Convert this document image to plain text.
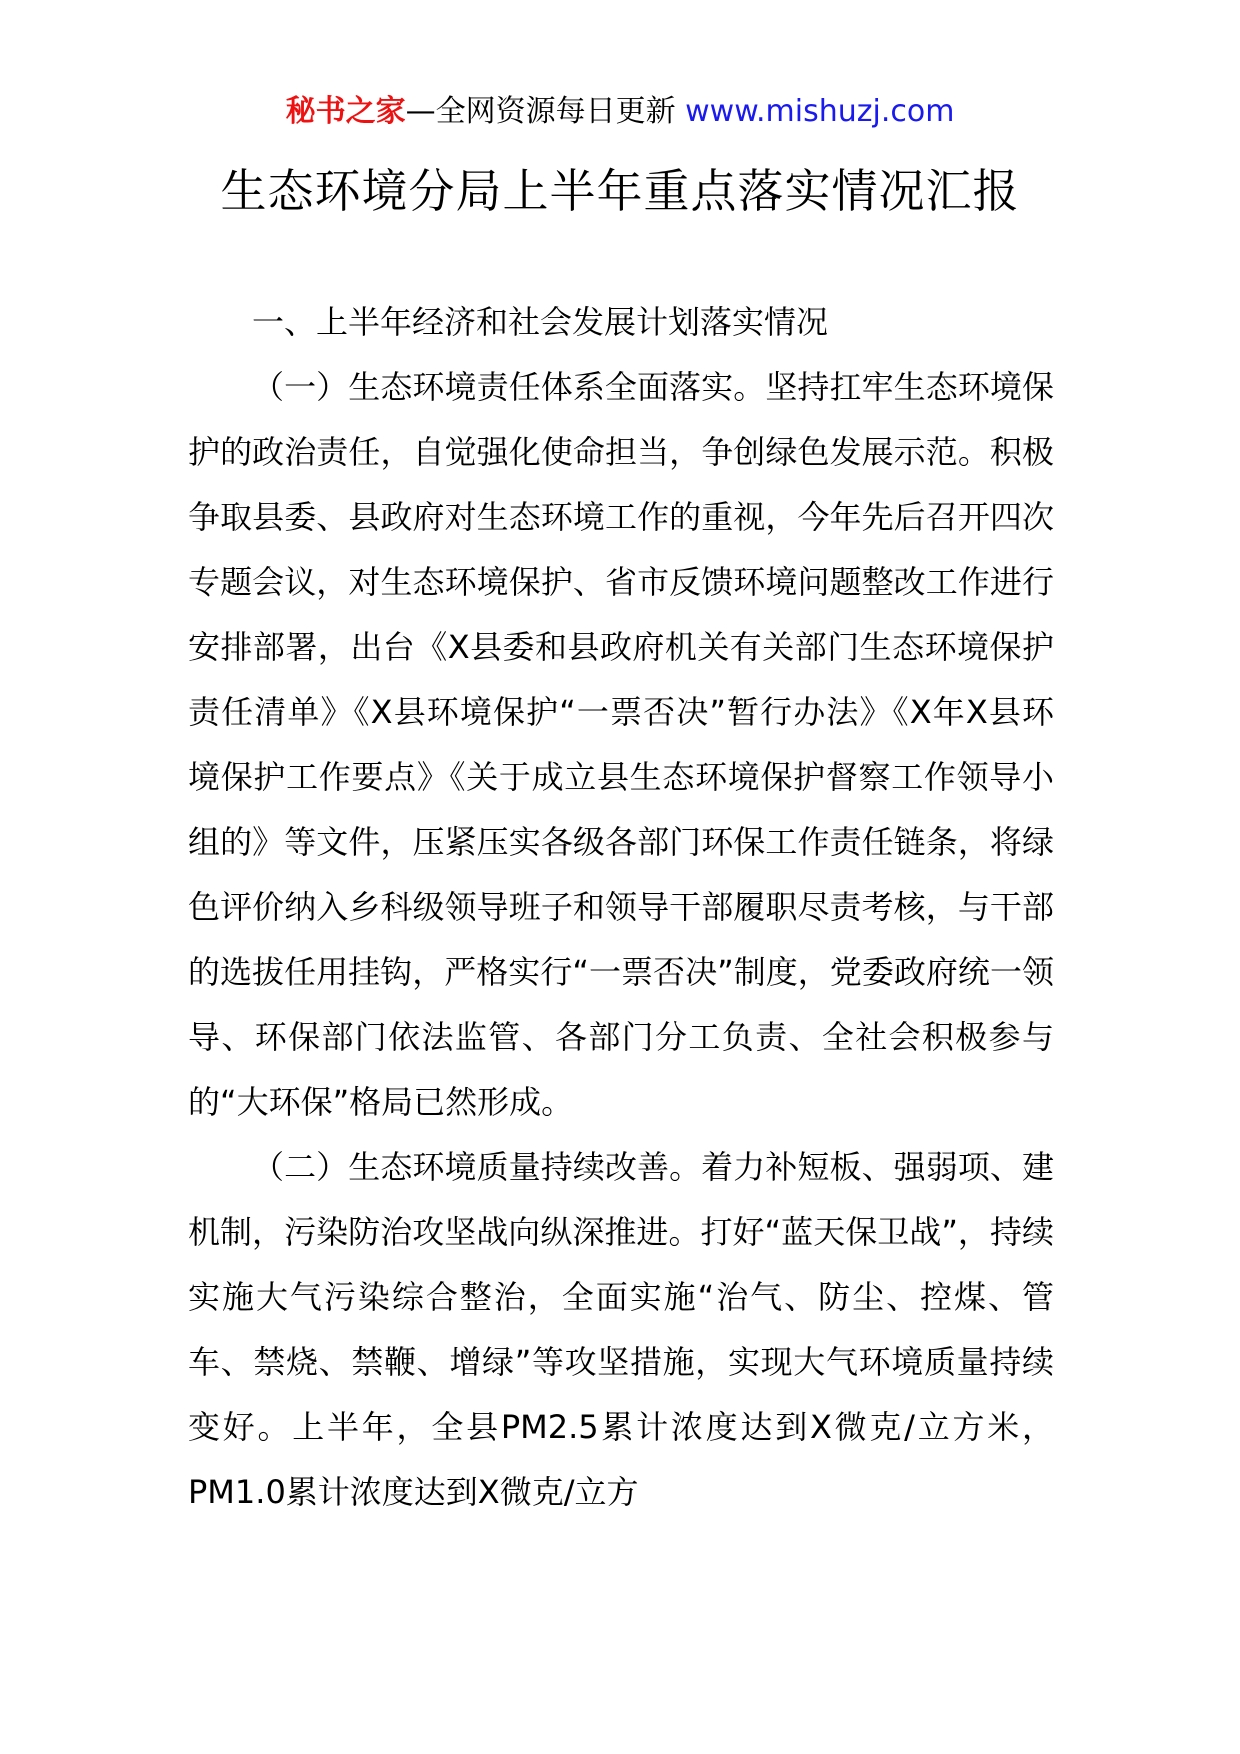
秘书之家—全网资源每日更新 www.mishuzj.com
生态环境分局上半年重点落实情况汇报

一、上半年经济和社会发展计划落实情况

（一）生态环境责任体系全面落实。坚持扛牢生态环境保护的政治责任，自觉强化使命担当，争创绿色发展示范。积极争取县委、县政府对生态环境工作的重视，今年先后召开四次专题会议，对生态环境保护、省市反馈环境问题整改工作进行安排部署，出台《X县委和县政府机关有关部门生态环境保护责任清单》《X县环境保护“一票否决”暂行办法》《X年X县环境保护工作要点》《关于成立县生态环境保护督察工作领导小组的》等文件，压紧压实各级各部门环保工作责任链条，将绿色评价纳入乡科级领导班子和领导干部履职尽责考核，与干部的选拔任用挂钩，严格实行“一票否决”制度，党委政府统一领导、环保部门依法监管、各部门分工负责、全社会积极参与的“大环保”格局已然形成。

（二）生态环境质量持续改善。着力补短板、强弱项、建机制，污染防治攻坚战向纵深推进。打好“蓝天保卫战”，持续实施大气污染综合整治，全面实施“治气、防尘、控煤、管车、禁烧、禁鞭、增绿”等攻坚措施，实现大气环境质量持续变好。上半年，全县PM2.5累计浓度达到X微克/立方米，PM1.0累计浓度达到X微克/立方
